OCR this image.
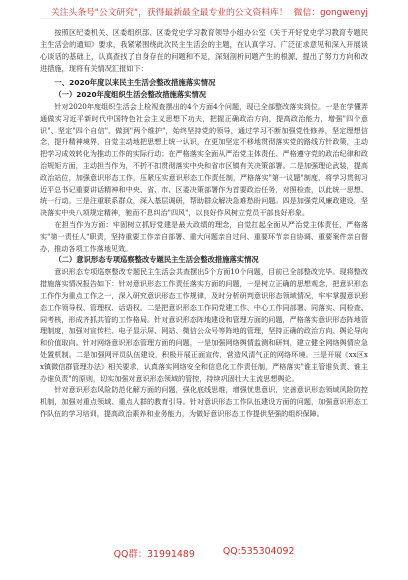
关注头条号"公文研究"，获得最新最全最专业的公文资料库！ 微信：gongwenyj

按照区纪委机关、区委组织部、区委党史学习教育领导小组办公室《关于开好党史学习教育专题民主生活会的通知》要求，我紧紧围绕此次民主生活会的主题，在认真学习、广泛征求意见和深入开展谈心谈话的基础上，认真查找了自身存在的问题和不足，深刻剖析问题产生的根源，提出了努力方向和改进措施，现将有关情况汇报如下：

一、2020年度以来民主生活会整改措施落实情况

（一）2020年度组织生活会整改措施落实情况

针对2020年度组织生活会上检视查摆出的4个方面4个问题，现已全部整改落实到位。一是在学懂弄通做实习近平新时代中国特色社会主义思想下功夫，把握正确政治方向，提高政治能力，增强"四个意识"、坚定"四个自信"、做到"两个维护"，始终坚持党的领导，通过学习不断加强党性修养，坚定理想信念，提升精神境界，自觉主动地把思想上统一认识，在更加坚定不移地贯彻落实党的路线方针政策，主动把学习成效转化为推动工作的实际行动；在严格落实全面从严治党主体责任、严格遵守党的政治纪律和政治规矩方面，主动担当作为，不折不扣贯彻落实中央和省市区镇有关决策部署。二是加强理论武装，提高政治站位，加强意识形态工作，压紧压实意识形态工作责任制，严格落实"第一议题"制度，将学习贯彻习近平总书记重要讲话精神和中央、省、市、区委决策部署作为首要政治任务，对照检查，以此统一思想、统一行动。三是注重联系群众，深入基层调研，帮助群众解决急难愁盼问题。四是加强党风廉政建设，坚决落实中央八项规定精神，驰而不息纠治"四风"，以良好作风树立党员干部良好形象。

在担当作为方面：牢固树立抓好党建是最大政绩的理念，自觉扛起全面从严治党主体责任，严格落实"第一责任人"职责，坚持重要工作亲自部署、重大问题亲自过问、重要环节亲自协调、重要案件亲自督办，推动各项工作落地见效。

（二）意识形态专项巡察整改专题民主生活会整改措施落实情况

意识形态专项巡察整改专题民主生活会共查摆出5个方面10个问题，目前已全部整改完毕。现将整改措施落实情况报告如下：针对意识形态工作责任落实方面的问题，一是树立正确的思想观念，把意识形态工作作为重点工作之一，深入研究意识形态工作规律，及时分析研判意识形态领域情况，牢牢掌握意识形态工作领导权、管理权、话语权。二是把意识形态工作同党建工作、中心工作同部署、同落实、同检查、同考核，形成齐抓共管的工作格局。针对意识形态阵地建设和管理方面的问题，严格落实意识形态阵地管理制度，加强对宣传栏、电子显示屏、网站、微信公众号等阵地的管理，坚持正确的政治方向、舆论导向和价值取向。针对网络意识形态管理方面的问题，一是加强网络舆情监测和研判，建立健全网络舆情应急处置机制。二是加强网评员队伍建设，积极开展正面宣传，营造风清气正的网络环境。三是开展《xx区xx镇微信群管理办法》相关要求，认真落实网络安全和信息化工作责任制，严格落实"谁主管谁负责、谁主办谁负责"的原则，切实加强对意识形态领域的管控，持续巩固壮大主流思想舆论。

针对意识形态风险防范化解方面的问题，强化底线思维，增强忧患意识，完善意识形态领域风险防控机制，加强对重点领域、重点人群的教育引导。针对意识形态工作队伍建设方面的问题，加强意识形态工作队伍的学习培训，提高政治素养和业务能力，为做好意识形态工作提供坚强的组织保障。

QQ群：31991489	QQ:535304092
